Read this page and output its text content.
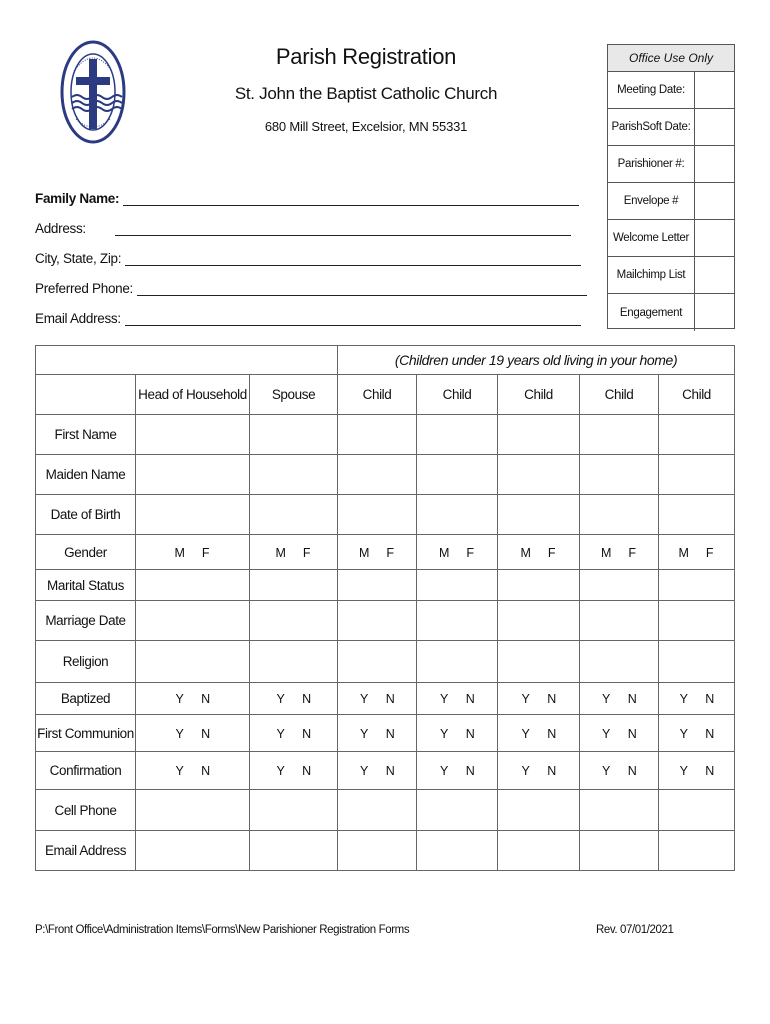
Parish Registration
St. John the Baptist Catholic Church
680 Mill Street, Excelsior, MN 55331
Office Use Only
Meeting Date:
ParishSoft Date:
Parishioner #:
Envelope #
Welcome Letter
Mailchimp List
Engagement
Family Name:
Address:
City, State, Zip:
Preferred Phone:
Email Address:
			(Children under 19 years old living in your home)				
	Head of Household	Spouse	Child	Child	Child	Child	Child
First Name							
Maiden Name							
Date of Birth							
Gender	M F	M F	M F	M F	M F	M F	M F
Marital Status							
Marriage Date							
Religion							
Baptized	Y N	Y N	Y N	Y N	Y N	Y N	Y N
First Communion	Y N	Y N	Y N	Y N	Y N	Y N	Y N
Confirmation	Y N	Y N	Y N	Y N	Y N	Y N	Y N
Cell Phone							
Email Address							
P:\Front Office\Administration Items\Forms\New Parishioner Registration Forms	Rev. 07/01/2021
